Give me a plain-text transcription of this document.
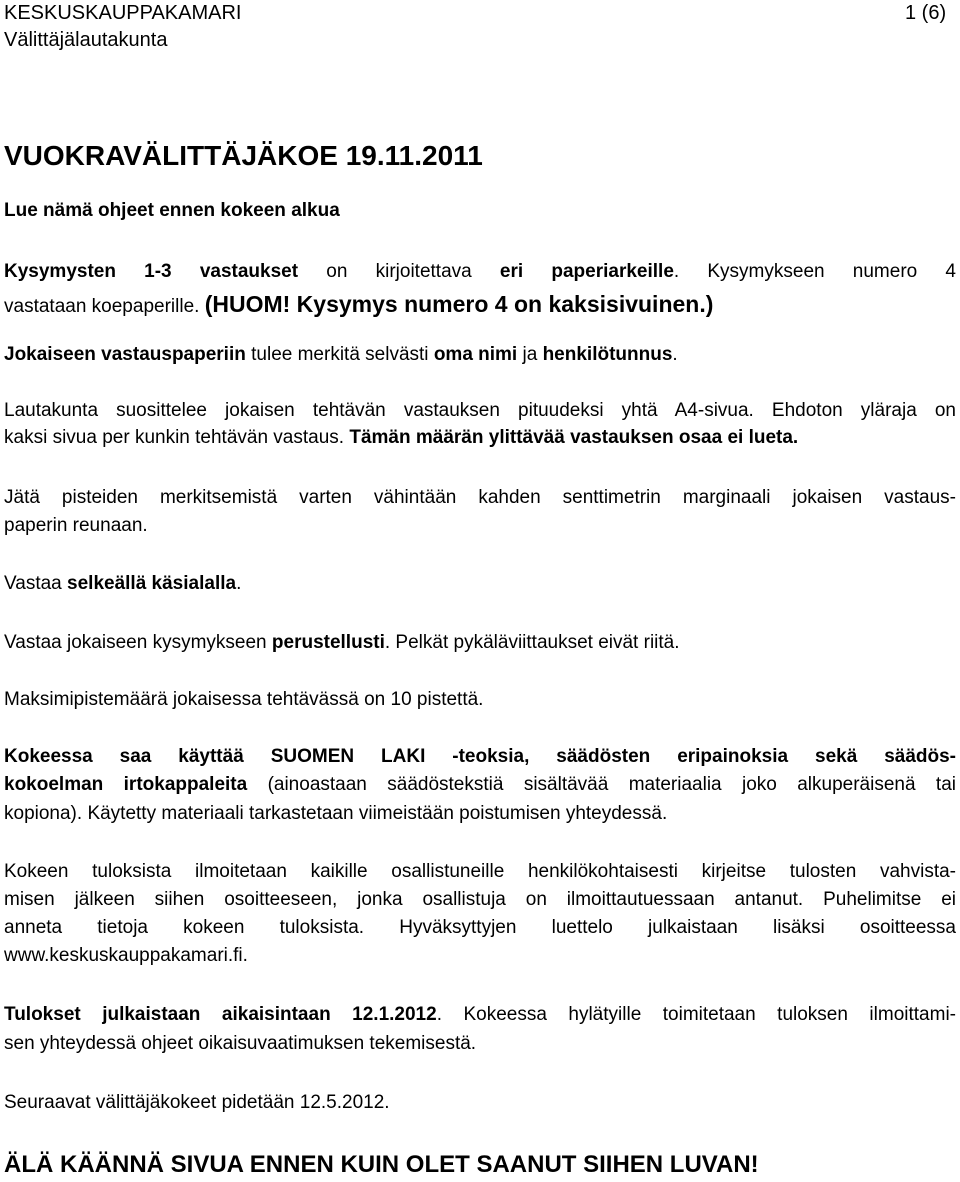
KESKUSKAUPPAKAMARI	1 (6)
Välittäjälautakunta
VUOKRAVÄLITTÄJÄKOE 19.11.2011
Lue nämä ohjeet ennen kokeen alkua
Kysymysten 1-3 vastaukset on kirjoitettava eri paperiarkeille. Kysymykseen numero 4
vastataan koepaperille. (HUOM! Kysymys numero 4 on kaksisivuinen.)
Jokaiseen vastauspaperiin tulee merkitä selvästi oma nimi ja henkilötunnus.
Lautakunta suosittelee jokaisen tehtävän vastauksen pituudeksi yhtä A4-sivua. Ehdoton yläraja on
kaksi sivua per kunkin tehtävän vastaus. Tämän määrän ylittävää vastauksen osaa ei lueta.
Jätä pisteiden merkitsemistä varten vähintään kahden senttimetrin marginaali jokaisen vastaus-
paperin reunaan.
Vastaa selkeällä käsialalla.
Vastaa jokaiseen kysymykseen perustellusti. Pelkät pykäläviittaukset eivät riitä.
Maksimipistemäärä jokaisessa tehtävässä on 10 pistettä.
Kokeessa saa käyttää SUOMEN LAKI -teoksia, säädösten eripainoksia sekä säädös-
kokoelman irtokappaleita (ainoastaan säädöstekstiä sisältävää materiaalia joko alkuperäisenä tai
kopiona). Käytetty materiaali tarkastetaan viimeistään poistumisen yhteydessä.
Kokeen tuloksista ilmoitetaan kaikille osallistuneille henkilökohtaisesti kirjeitse tulosten vahvista-
misen jälkeen siihen osoitteeseen, jonka osallistuja on ilmoittautuessaan antanut. Puhelimitse ei
anneta tietoja kokeen tuloksista. Hyväksyttyjen luettelo julkaistaan lisäksi osoitteessa
www.keskuskauppakamari.fi.
Tulokset julkaistaan aikaisintaan 12.1.2012. Kokeessa hylätyille toimitetaan tuloksen ilmoittami-
sen yhteydessä ohjeet oikaisuvaatimuksen tekemisestä.
Seuraavat välittäjäkokeet pidetään 12.5.2012.
ÄLÄ KÄÄNNÄ SIVUA ENNEN KUIN OLET SAANUT SIIHEN LUVAN!
